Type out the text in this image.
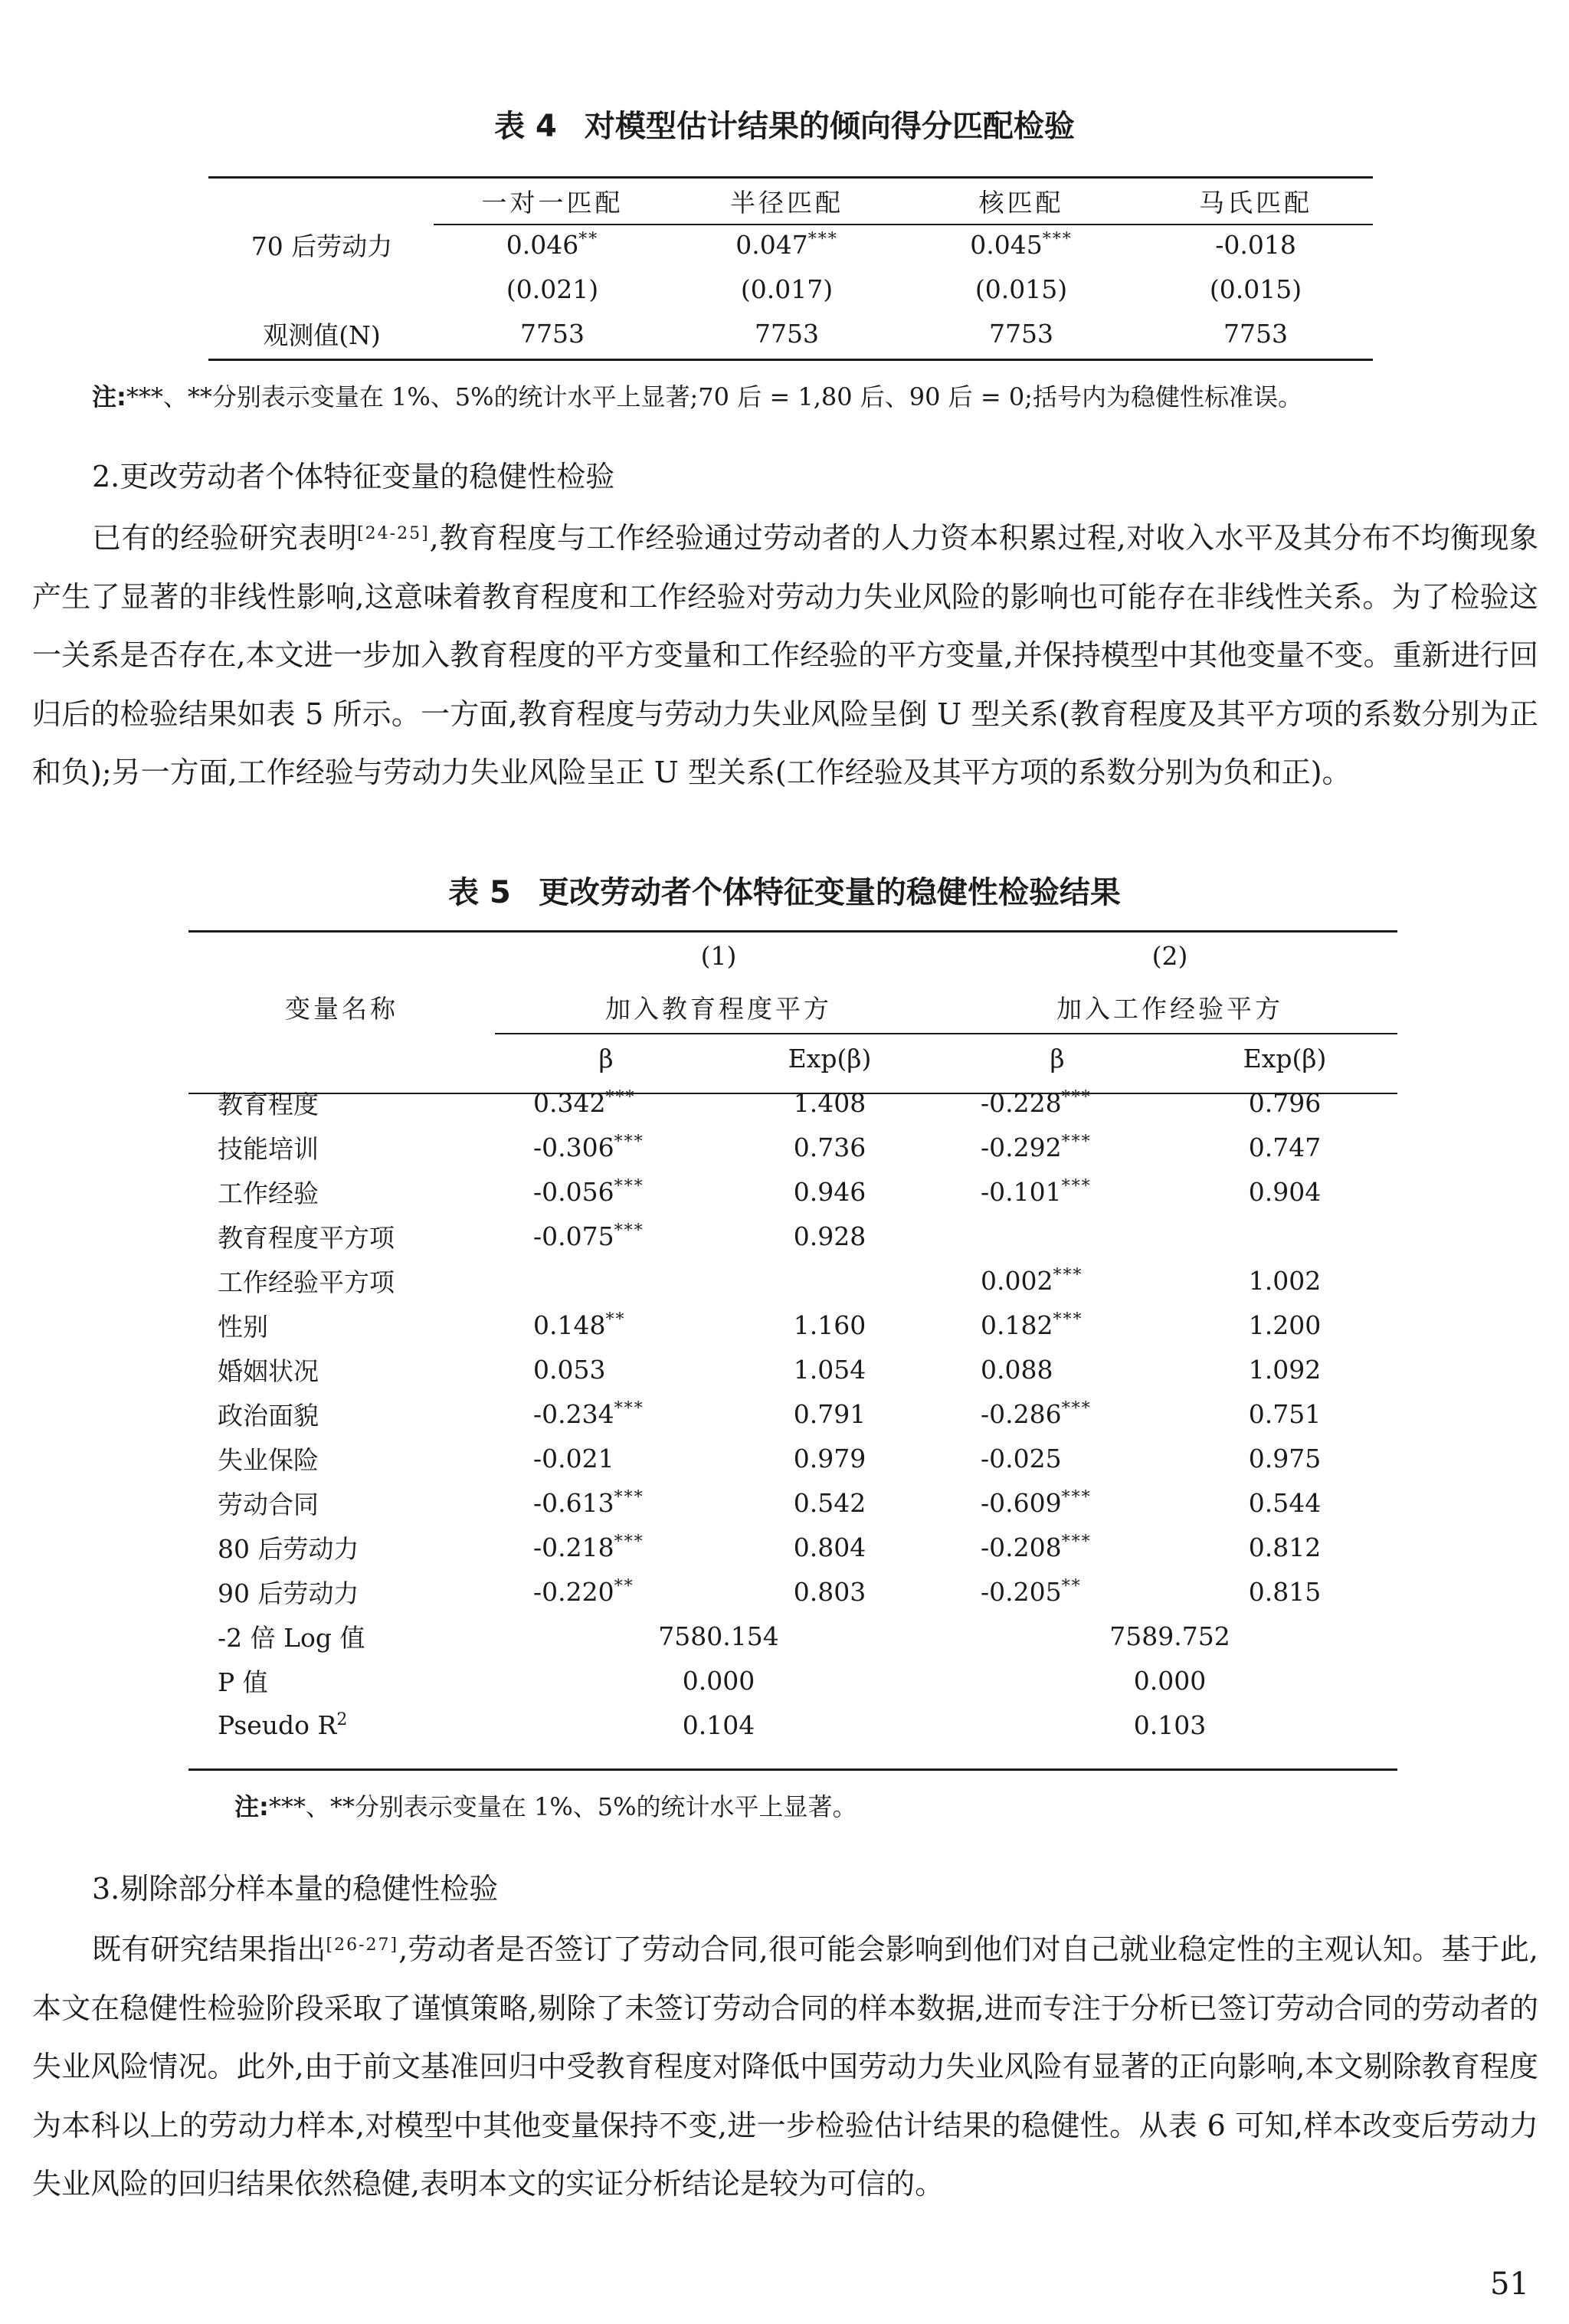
表 4 对模型估计结果的倾向得分匹配检验
	一对一匹配	半径匹配	核匹配	马氏匹配
70 后劳动力	0.046**	0.047***	0.045***	-0.018
	(0.021)	(0.017)	(0.015)	(0.015)
观测值(N)	7753	7753	7753	7753
注:***、**分别表示变量在 1%、5%的统计水平上显著;70 后 = 1,80 后、90 后 = 0;括号内为稳健性标准误。
2.更改劳动者个体特征变量的稳健性检验

已有的经验研究表明[24-25],教育程度与工作经验通过劳动者的人力资本积累过程,对收入水平及其分布不均衡现象产生了显著的非线性影响,这意味着教育程度和工作经验对劳动力失业风险的影响也可能存在非线性关系。为了检验这一关系是否存在,本文进一步加入教育程度的平方变量和工作经验的平方变量,并保持模型中其他变量不变。重新进行回归后的检验结果如表 5 所示。一方面,教育程度与劳动力失业风险呈倒 U 型关系(教育程度及其平方项的系数分别为正和负);另一方面,工作经验与劳动力失业风险呈正 U 型关系(工作经验及其平方项的系数分别为负和正)。

表 5 更改劳动者个体特征变量的稳健性检验结果
	(1)		(2)	
变量名称	加入教育程度平方		加入工作经验平方	
	β	Exp(β)	β	Exp(β)
教育程度	0.342***	1.408	-0.228***	0.796
技能培训	-0.306***	0.736	-0.292***	0.747
工作经验	-0.056***	0.946	-0.101***	0.904
教育程度平方项	-0.075***	0.928		
工作经验平方项			0.002***	1.002
性别	0.148**	1.160	0.182***	1.200
婚姻状况	0.053	1.054	0.088	1.092
政治面貌	-0.234***	0.791	-0.286***	0.751
失业保险	-0.021	0.979	-0.025	0.975
劳动合同	-0.613***	0.542	-0.609***	0.544
80 后劳动力	-0.218***	0.804	-0.208***	0.812
90 后劳动力	-0.220**	0.803	-0.205**	0.815
-2 倍 Log 值	7580.154		7589.752	
P 值	0.000		0.000	
Pseudo $R^2$	0.104		0.103	
注:***、**分别表示变量在 1%、5%的统计水平上显著。
3.剔除部分样本量的稳健性检验

既有研究结果指出[26-27],劳动者是否签订了劳动合同,很可能会影响到他们对自己就业稳定性的主观认知。基于此,本文在稳健性检验阶段采取了谨慎策略,剔除了未签订劳动合同的样本数据,进而专注于分析已签订劳动合同的劳动者的失业风险情况。此外,由于前文基准回归中受教育程度对降低中国劳动力失业风险有显著的正向影响,本文剔除教育程度为本科以上的劳动力样本,对模型中其他变量保持不变,进一步检验估计结果的稳健性。从表 6 可知,样本改变后劳动力失业风险的回归结果依然稳健,表明本文的实证分析结论是较为可信的。

51
